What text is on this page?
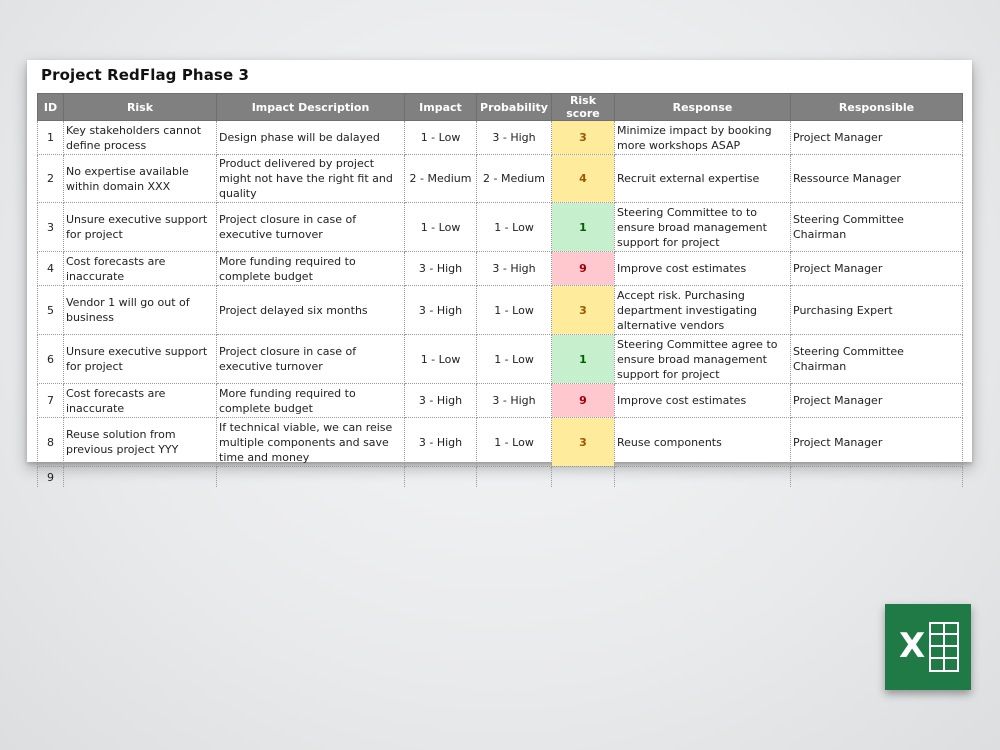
Project RedFlag Phase 3
ID	Risk	Impact Description	Impact	Probability	Risk score	Response	Responsible
1	Key stakeholders cannot define process	Design phase will be dalayed	1 - Low	3 - High	3	Minimize impact by booking more workshops ASAP	Project Manager
2	No expertise available within domain XXX	Product delivered by project might not have the right fit and quality	2 - Medium	2 - Medium	4	Recruit external expertise	Ressource Manager
3	Unsure executive support for project	Project closure in case of executive turnover	1 - Low	1 - Low	1	Steering Committee to to ensure broad management support for project	Steering Committee Chairman
4	Cost forecasts are inaccurate	More funding required to complete budget	3 - High	3 - High	9	Improve cost estimates	Project Manager
5	Vendor 1 will go out of business	Project delayed six months	3 - High	1 - Low	3	Accept risk. Purchasing department investigating alternative vendors	Purchasing Expert
6	Unsure executive support for project	Project closure in case of executive turnover	1 - Low	1 - Low	1	Steering Committee agree to ensure broad management support for project	Steering Committee Chairman
7	Cost forecasts are inaccurate	More funding required to complete budget	3 - High	3 - High	9	Improve cost estimates	Project Manager
8	Reuse solution from previous project YYY	If technical viable, we can reise multiple components and save time and money	3 - High	1 - Low	3	Reuse components	Project Manager
9							
X
